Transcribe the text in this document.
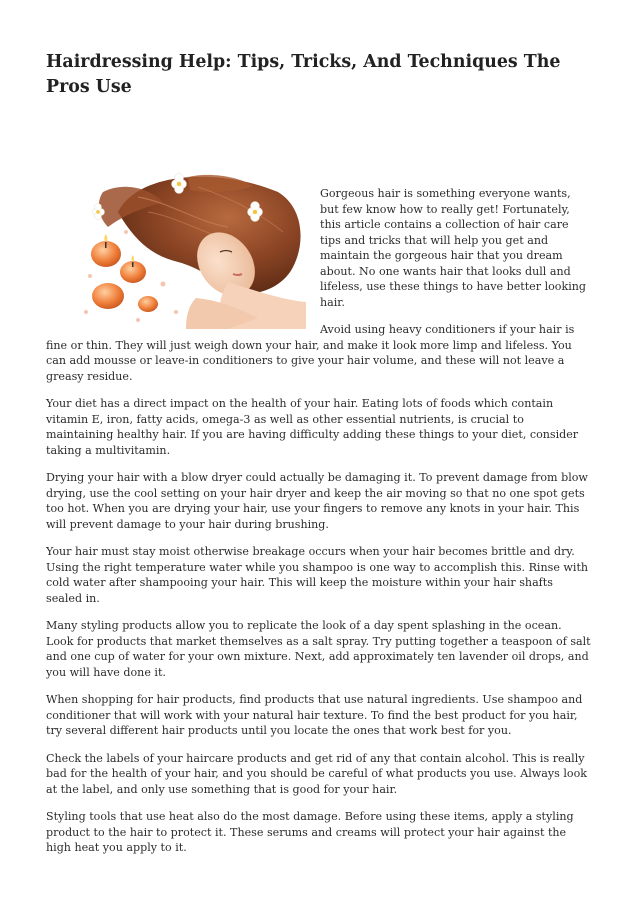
Hairdressing Help: Tips, Tricks, And Techniques The Pros Use

Gorgeous hair is something everyone wants, but few know how to really get! Fortunately, this article contains a collection of hair care tips and tricks that will help you get and maintain the gorgeous hair that you dream about. No one wants hair that looks dull and lifeless, use these things to have better looking hair.

Avoid using heavy conditioners if your hair is fine or thin. They will just weigh down your hair, and make it look more limp and lifeless. You can add mousse or leave-in conditioners to give your hair volume, and these will not leave a greasy residue.

Your diet has a direct impact on the health of your hair. Eating lots of foods which contain vitamin E, iron, fatty acids, omega-3 as well as other essential nutrients, is crucial to maintaining healthy hair. If you are having difficulty adding these things to your diet, consider taking a multivitamin.

Drying your hair with a blow dryer could actually be damaging it. To prevent damage from blow drying, use the cool setting on your hair dryer and keep the air moving so that no one spot gets too hot. When you are drying your hair, use your fingers to remove any knots in your hair. This will prevent damage to your hair during brushing.

Your hair must stay moist otherwise breakage occurs when your hair becomes brittle and dry. Using the right temperature water while you shampoo is one way to accomplish this. Rinse with cold water after shampooing your hair. This will keep the moisture within your hair shafts sealed in.

Many styling products allow you to replicate the look of a day spent splashing in the ocean. Look for products that market themselves as a salt spray. Try putting together a teaspoon of salt and one cup of water for your own mixture. Next, add approximately ten lavender oil drops, and you will have done it.

When shopping for hair products, find products that use natural ingredients. Use shampoo and conditioner that will work with your natural hair texture. To find the best product for you hair, try several different hair products until you locate the ones that work best for you.

Check the labels of your haircare products and get rid of any that contain alcohol. This is really bad for the health of your hair, and you should be careful of what products you use. Always look at the label, and only use something that is good for your hair.

Styling tools that use heat also do the most damage. Before using these items, apply a styling product to the hair to protect it. These serums and creams will protect your hair against the high heat you apply to it.
